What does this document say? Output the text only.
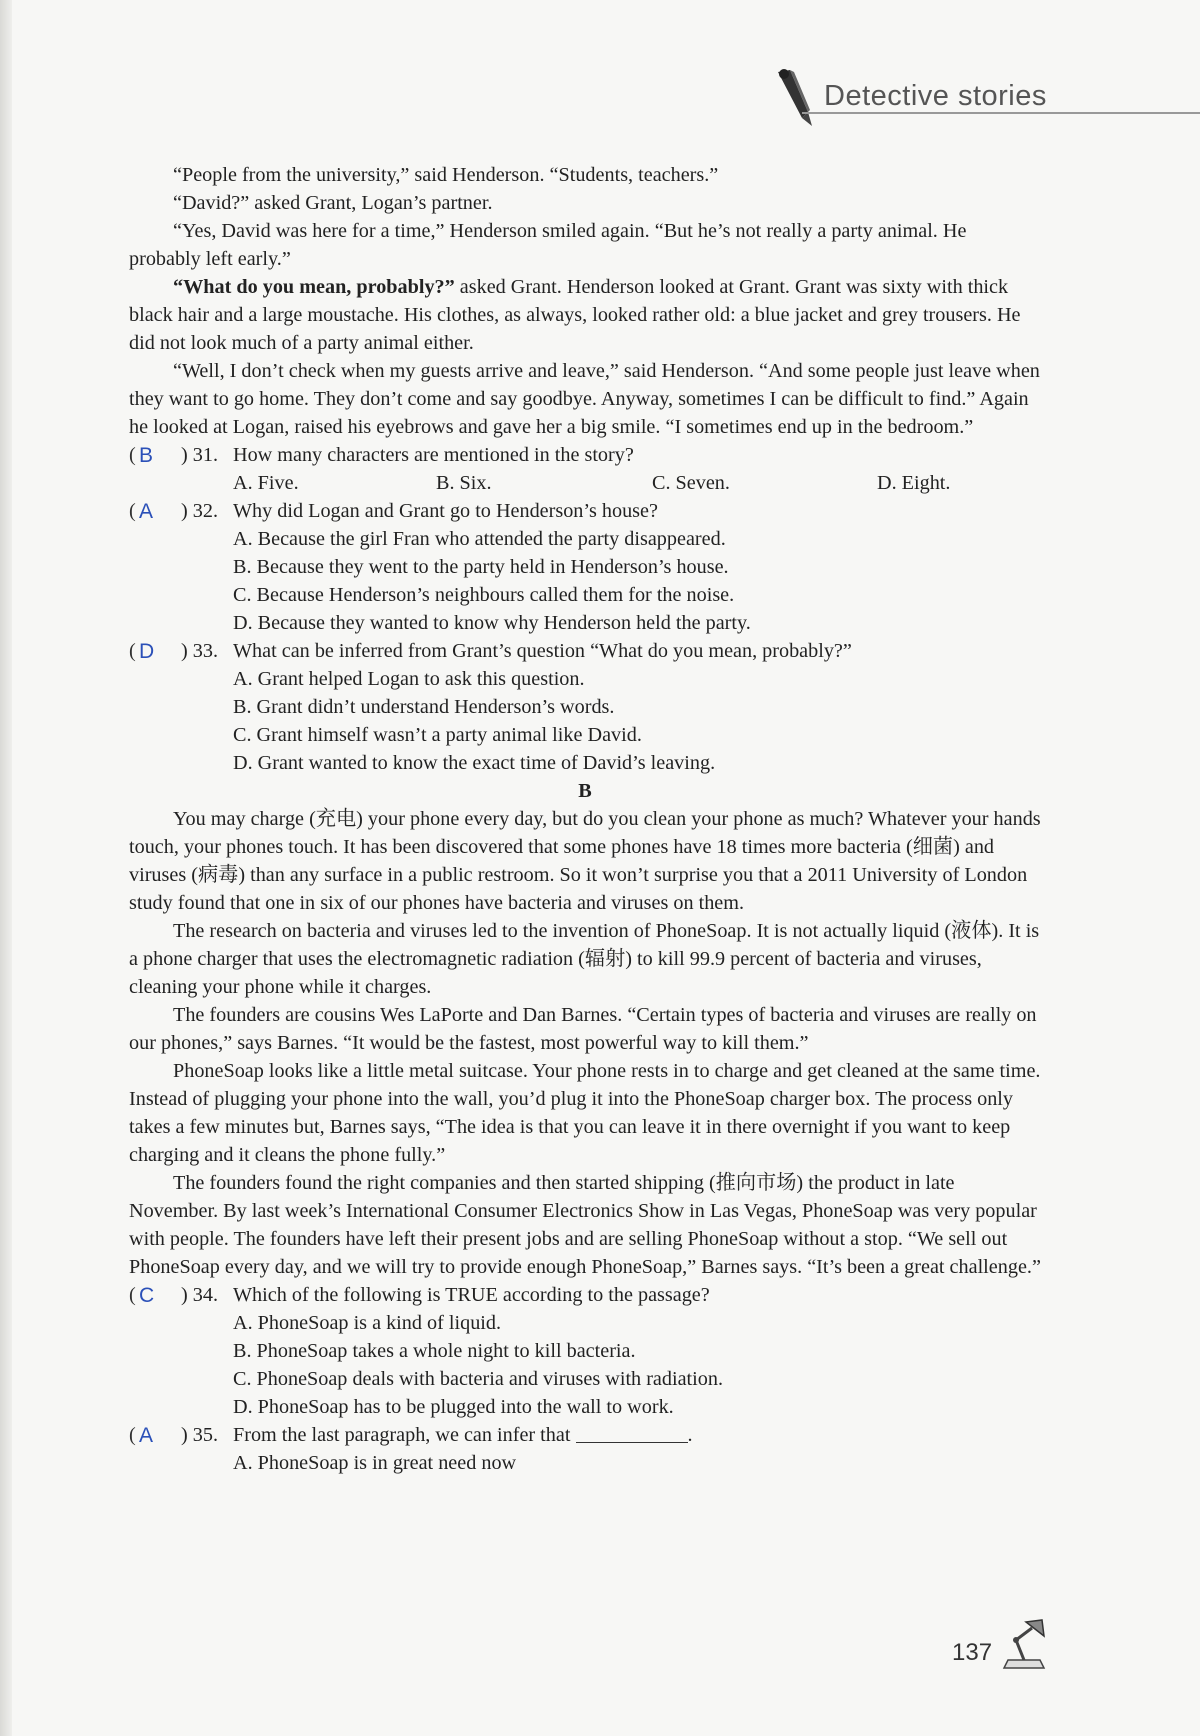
Detective stories

“People from the university,” said Henderson. “Students, teachers.”

“David?” asked Grant, Logan’s partner.

“Yes, David was here for a time,” Henderson smiled again. “But he’s not really a party animal. He probably left early.”

“What do you mean, probably?” asked Grant. Henderson looked at Grant. Grant was sixty with thick black hair and a large moustache. His clothes, as always, looked rather old: a blue jacket and grey trousers. He did not look much of a party animal either.

“Well, I don’t check when my guests arrive and leave,” said Henderson. “And some people just leave when they want to go home. They don’t come and say goodbye. Anyway, sometimes I can be difficult to find.” Again he looked at Logan, raised his eyebrows and gave her a big smile. “I sometimes end up in the bedroom.”

( B ) 31. How many characters are mentioned in the story?
A. Five.	B. Six.	C. Seven.	D. Eight.
( A ) 32. Why did Logan and Grant go to Henderson’s house?

A. Because the girl Fran who attended the party disappeared.

B. Because they went to the party held in Henderson’s house.

C. Because Henderson’s neighbours called them for the noise.

D. Because they wanted to know why Henderson held the party.

( D ) 33. What can be inferred from Grant’s question “What do you mean, probably?”

A. Grant helped Logan to ask this question.

B. Grant didn’t understand Henderson’s words.

C. Grant himself wasn’t a party animal like David.

D. Grant wanted to know the exact time of David’s leaving.

B

You may charge (充电) your phone every day, but do you clean your phone as much? Whatever your hands touch, your phones touch. It has been discovered that some phones have 18 times more bacteria (细菌) and viruses (病毒) than any surface in a public restroom. So it won’t surprise you that a 2011 University of London study found that one in six of our phones have bacteria and viruses on them.

The research on bacteria and viruses led to the invention of PhoneSoap. It is not actually liquid (液体). It is a phone charger that uses the electromagnetic radiation (辐射) to kill 99.9 percent of bacteria and viruses, cleaning your phone while it charges.

The founders are cousins Wes LaPorte and Dan Barnes. “Certain types of bacteria and viruses are really on our phones,” says Barnes. “It would be the fastest, most powerful way to kill them.”

PhoneSoap looks like a little metal suitcase. Your phone rests in to charge and get cleaned at the same time. Instead of plugging your phone into the wall, you’d plug it into the PhoneSoap charger box. The process only takes a few minutes but, Barnes says, “The idea is that you can leave it in there overnight if you want to keep charging and it cleans the phone fully.”

The founders found the right companies and then started shipping (推向市场) the product in late November. By last week’s International Consumer Electronics Show in Las Vegas, PhoneSoap was very popular with people. The founders have left their present jobs and are selling PhoneSoap without a stop. “We sell out PhoneSoap every day, and we will try to provide enough PhoneSoap,” Barnes says. “It’s been a great challenge.”

( C ) 34. Which of the following is TRUE according to the passage?

A. PhoneSoap is a kind of liquid.

B. PhoneSoap takes a whole night to kill bacteria.

C. PhoneSoap deals with bacteria and viruses with radiation.

D. PhoneSoap has to be plugged into the wall to work.

( A ) 35. From the last paragraph, we can infer that	.

A. PhoneSoap is in great need now

137
